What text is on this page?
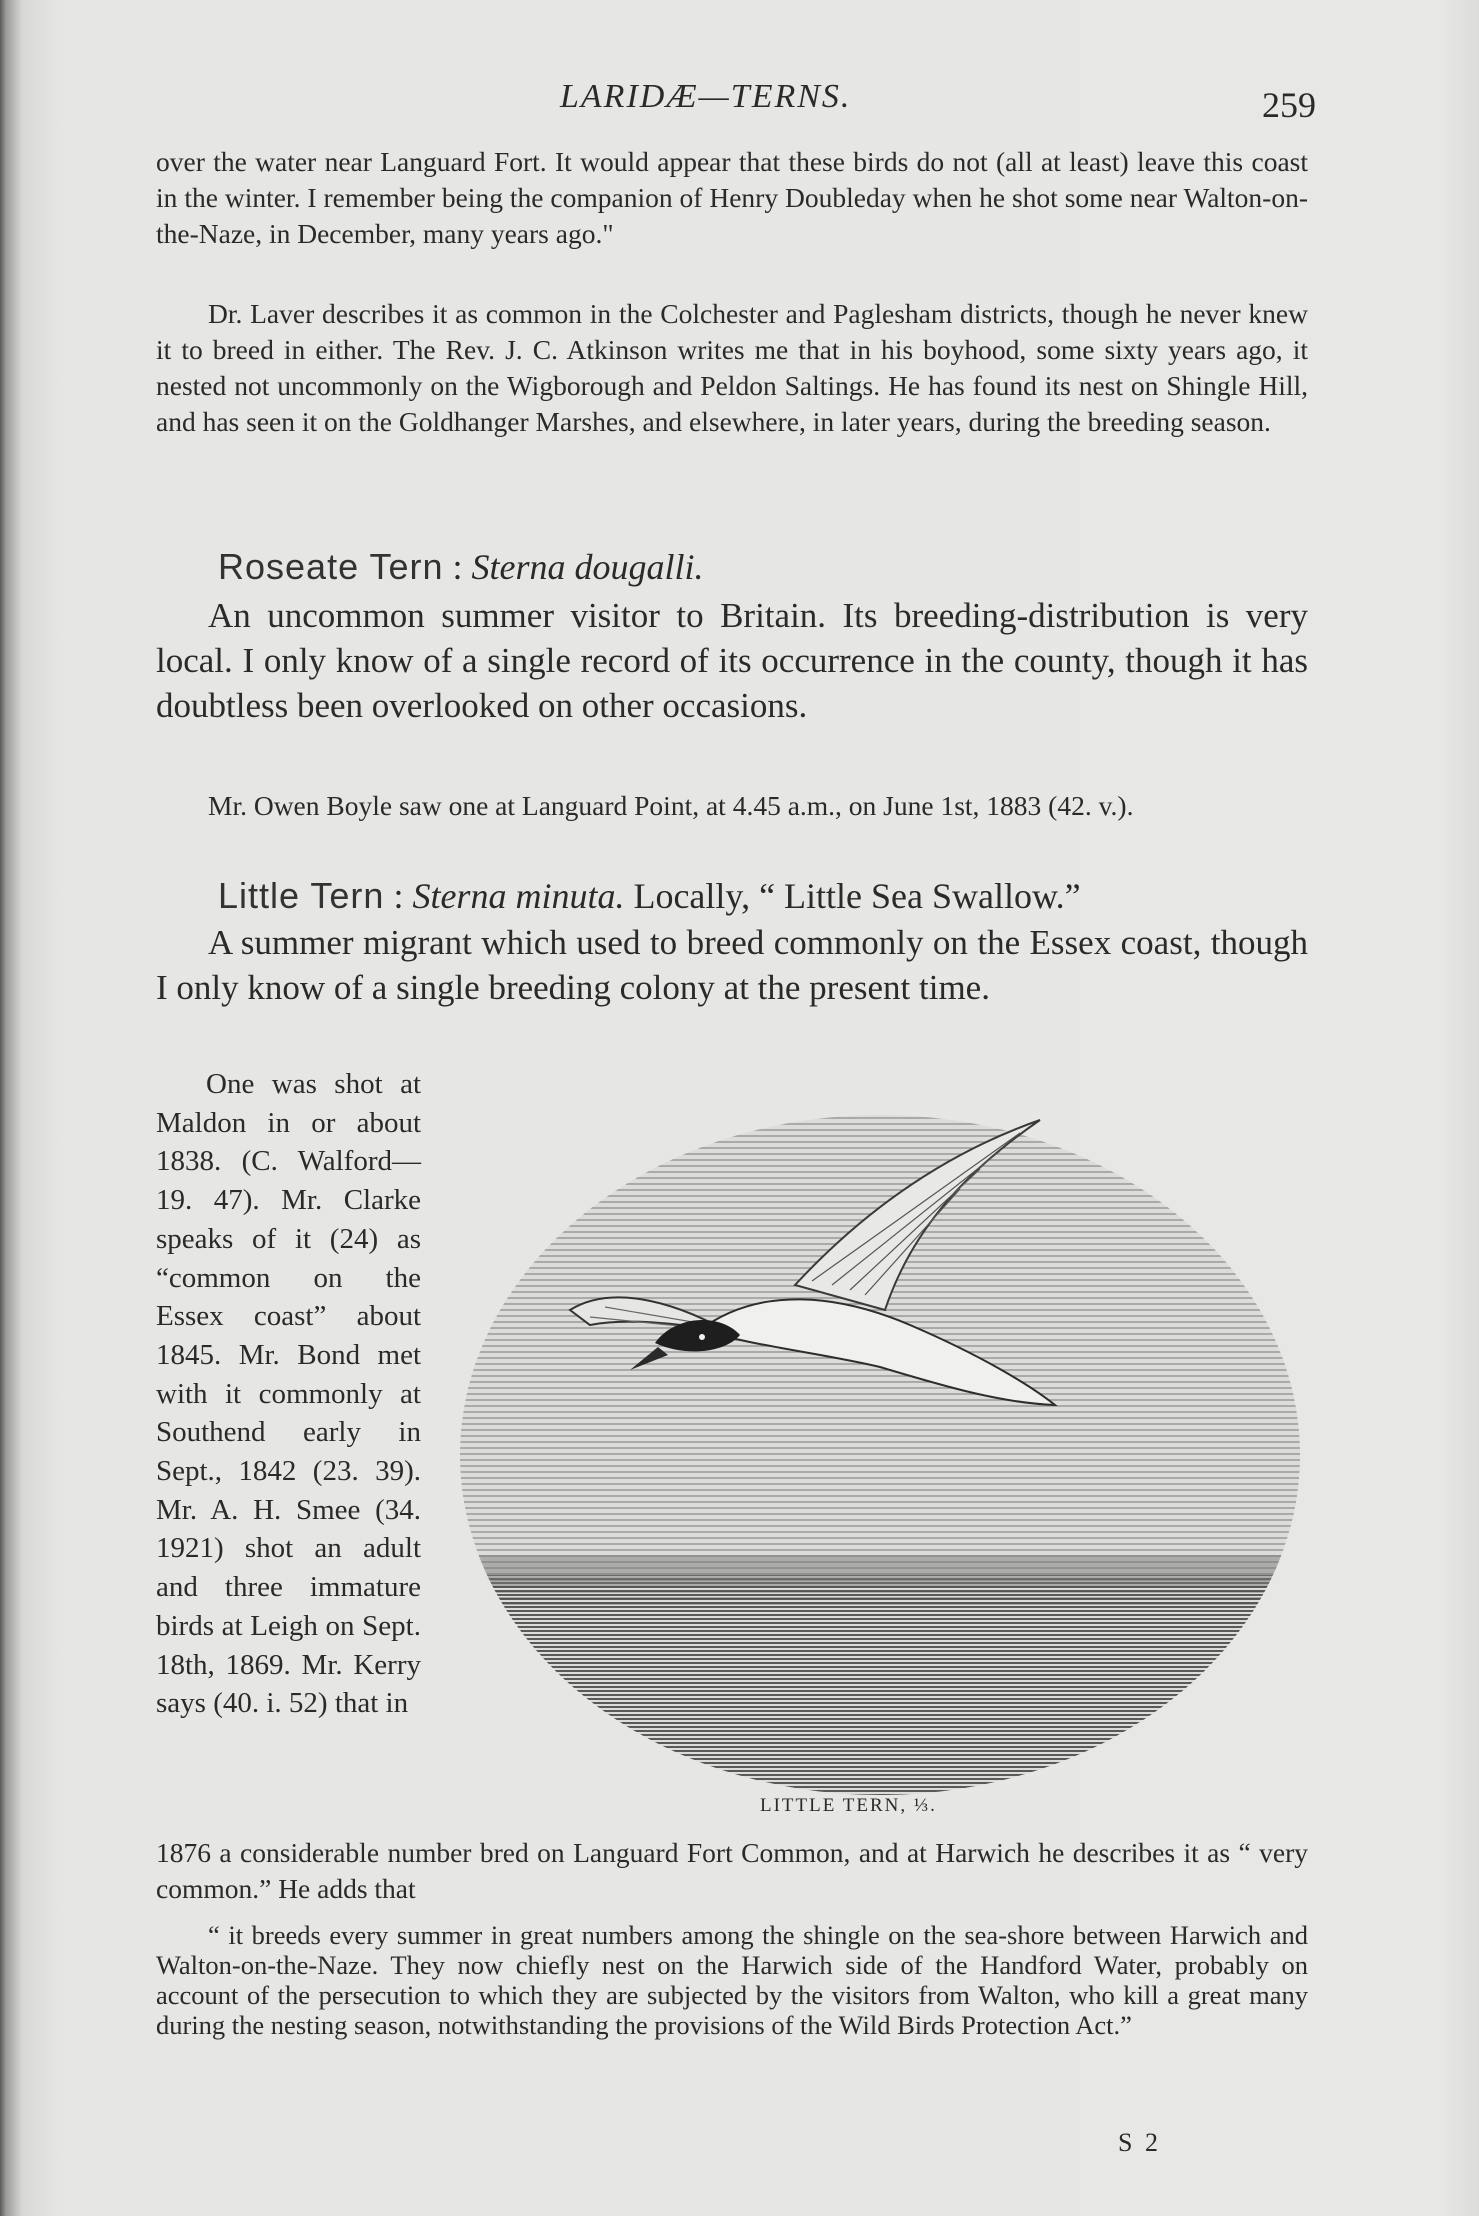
LARIDÆ—TERNS.	259

over the water near Languard Fort. It would appear that these birds do not (all at least) leave this coast in the winter. I remember being the companion of Henry Doubleday when he shot some near Walton-on-the-Naze, in December, many years ago."

Dr. Laver describes it as common in the Colchester and Paglesham districts, though he never knew it to breed in either. The Rev. J. C. Atkinson writes me that in his boyhood, some sixty years ago, it nested not uncommonly on the Wigborough and Peldon Saltings. He has found its nest on Shingle Hill, and has seen it on the Goldhanger Marshes, and elsewhere, in later years, during the breeding season.

Roseate Tern : Sterna dougalli.

An uncommon summer visitor to Britain. Its breeding-distribution is very local. I only know of a single record of its occurrence in the county, though it has doubtless been overlooked on other occasions.

Mr. Owen Boyle saw one at Languard Point, at 4.45 a.m., on June 1st, 1883 (42. v.).

Little Tern : Sterna minuta. Locally, “ Little Sea Swallow.”

A summer migrant which used to breed commonly on the Essex coast, though I only know of a single breeding colony at the present time.

One was shot at Maldon in or about 1838. (C. Walford—19. 47). Mr. Clarke speaks of it (24) as “common on the Essex coast” about 1845. Mr. Bond met with it commonly at Southend early in Sept., 1842 (23. 39). Mr. A. H. Smee (34. 1921) shot an adult and three immature birds at Leigh on Sept. 18th, 1869. Mr. Kerry says (40. i. 52) that in

LITTLE TERN, ⅓.

1876 a considerable number bred on Languard Fort Common, and at Harwich he describes it as “ very common.” He adds that

“ it breeds every summer in great numbers among the shingle on the sea-shore between Harwich and Walton-on-the-Naze. They now chiefly nest on the Harwich side of the Handford Water, probably on account of the persecution to which they are subjected by the visitors from Walton, who kill a great many during the nesting season, notwithstanding the provisions of the Wild Birds Protection Act.”

S 2
